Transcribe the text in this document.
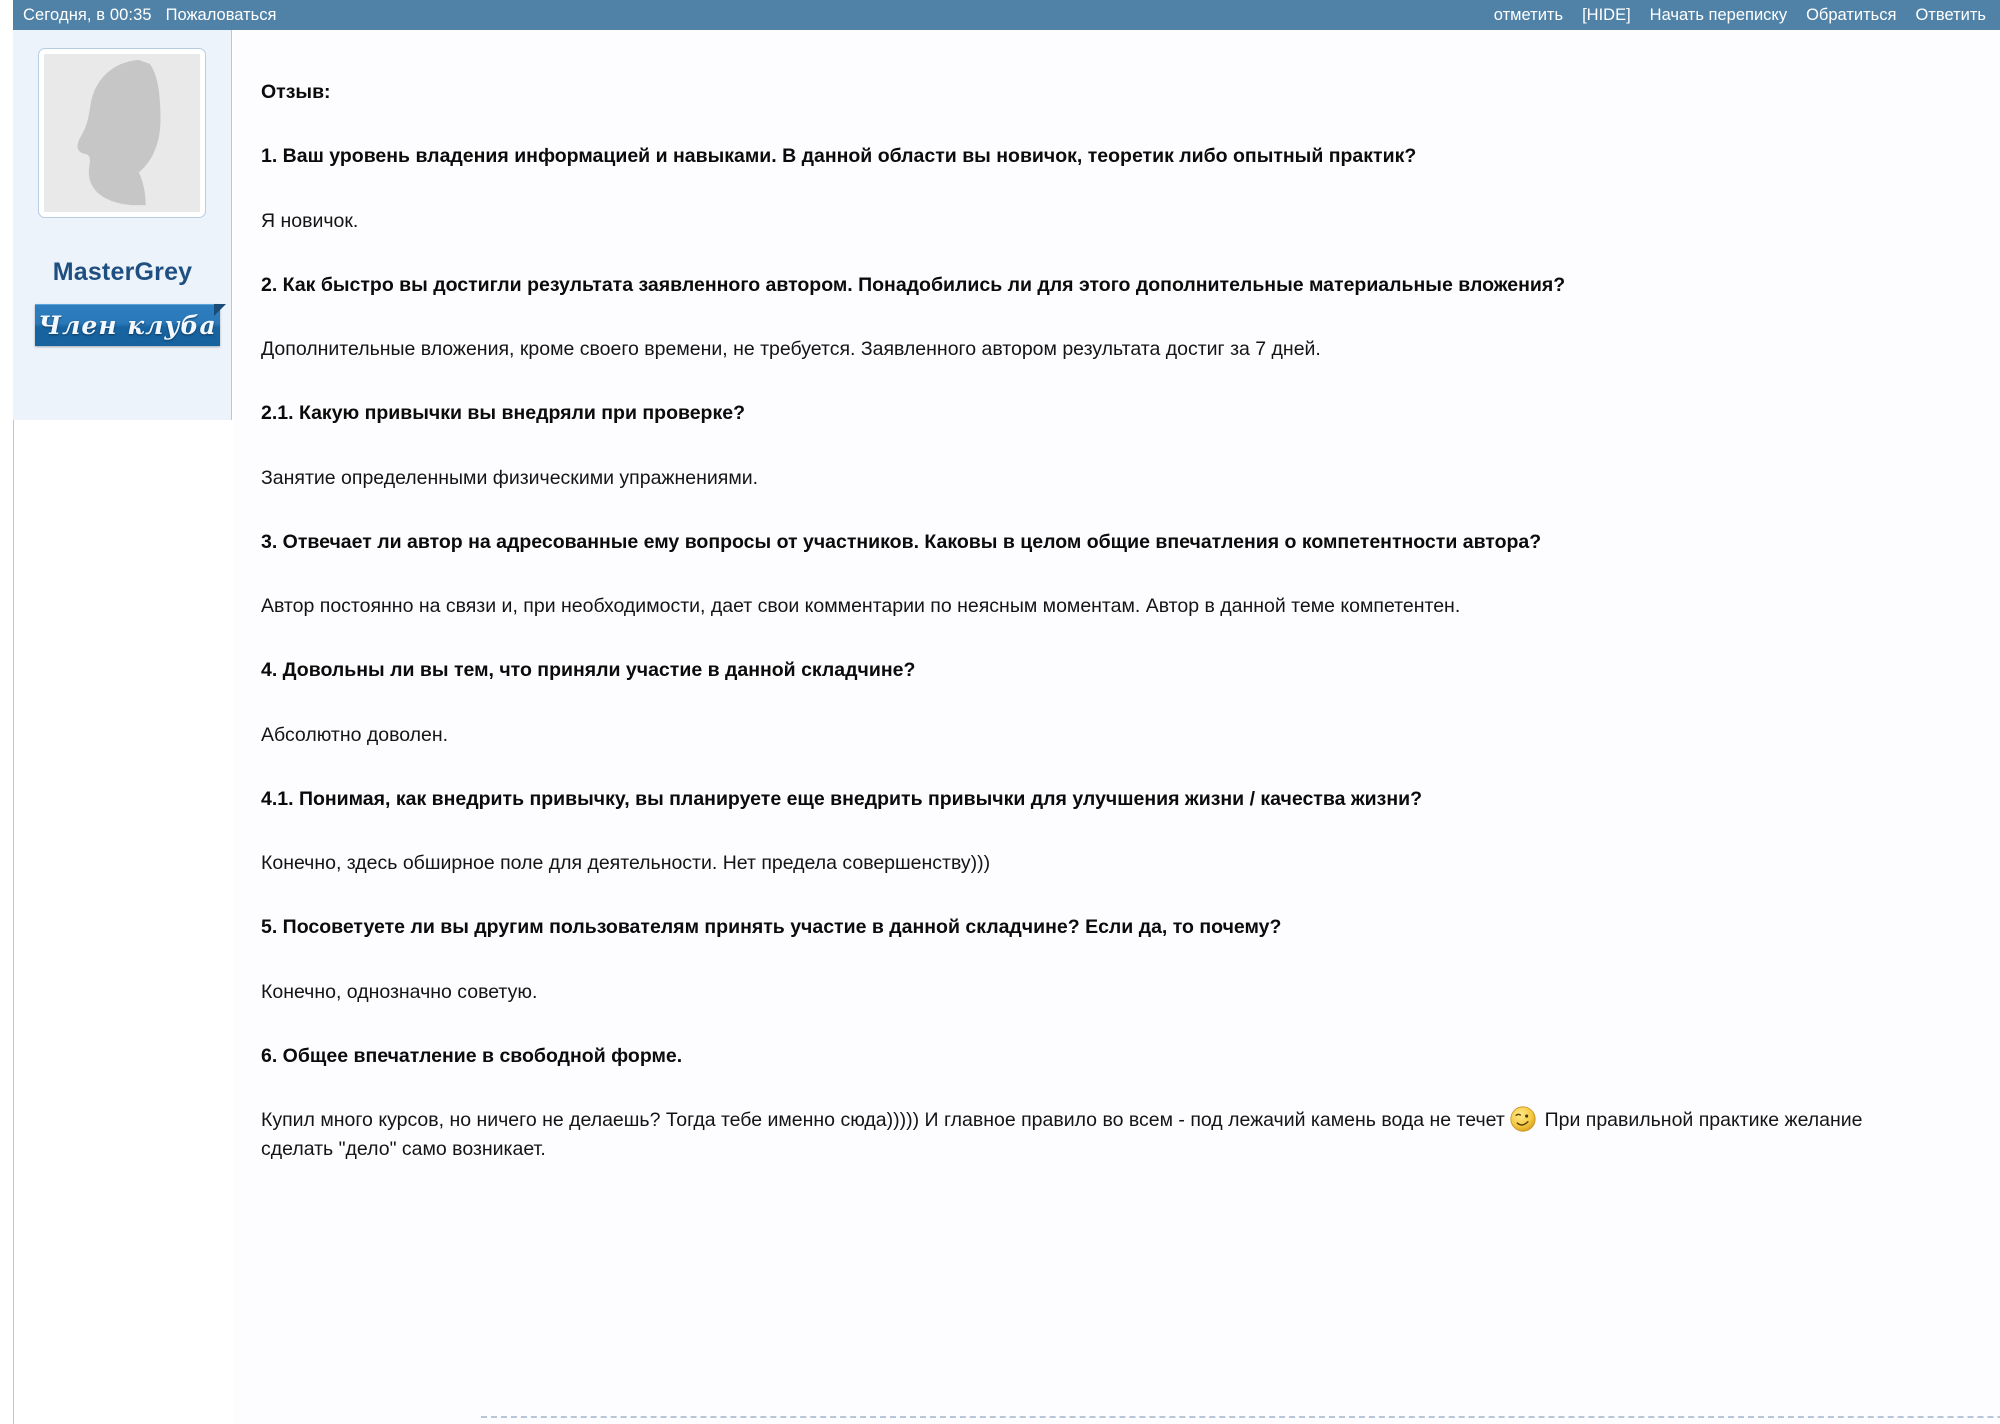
Сегодня, в 00:35 Пожаловаться	отметить [HIDE] Начать переписку Обратиться Ответить
MasterGrey
Член клуба

Отзыв:

1. Ваш уровень владения информацией и навыками. В данной области вы новичок, теоретик либо опытный практик?

Я новичок.

2. Как быстро вы достигли результата заявленного автором. Понадобились ли для этого дополнительные материальные вложения?

Дополнительные вложения, кроме своего времени, не требуется. Заявленного автором результата достиг за 7 дней.

2.1. Какую привычки вы внедряли при проверке?

Занятие определенными физическими упражнениями.

3. Отвечает ли автор на адресованные ему вопросы от участников. Каковы в целом общие впечатления о компетентности автора?

Автор постоянно на связи и, при необходимости, дает свои комментарии по неясным моментам. Автор в данной теме компетентен.

4. Довольны ли вы тем, что приняли участие в данной складчине?

Абсолютно доволен.

4.1. Понимая, как внедрить привычку, вы планируете еще внедрить привычки для улучшения жизни / качества жизни?

Конечно, здесь обширное поле для деятельности. Нет предела совершенству)))

5. Посоветуете ли вы другим пользователям принять участие в данной складчине? Если да, то почему?

Конечно, однозначно советую.

6. Общее впечатление в свободной форме.

Купил много курсов, но ничего не делаешь? Тогда тебе именно сюда))))) И главное правило во всем - под лежачий камень вода не течет  При правильной практике желание сделать "дело" само возникает.
